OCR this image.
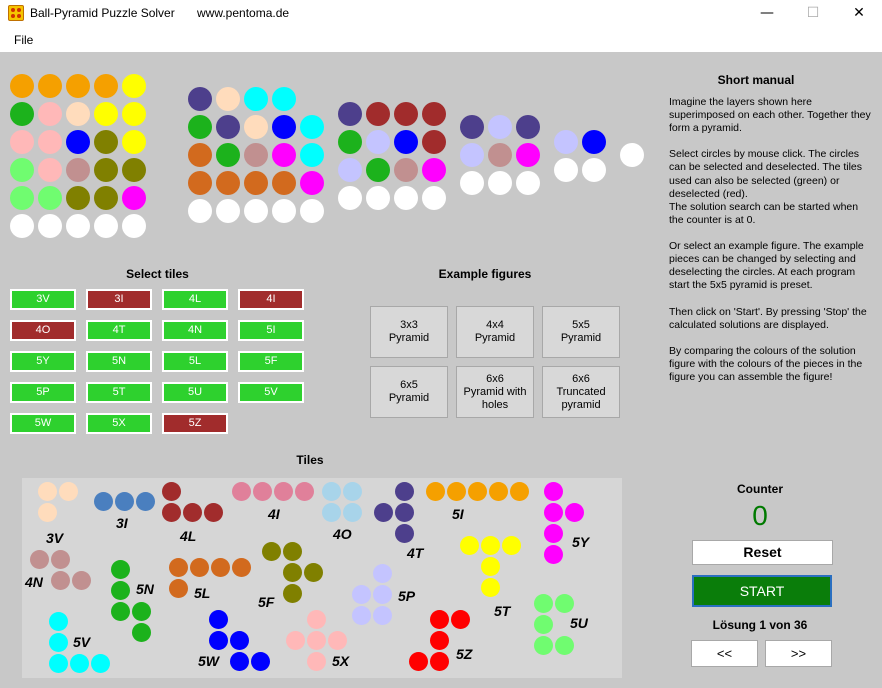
Ball-Pyramid Puzzle Solver www.pentoma.de	—	☐	✕
File
Select tiles
3V	3I	4L	4I
4O	4T	4N	5I
5Y	5N	5L	5F
5P	5T	5U	5V
5W	5X	5Z
Example figures
3x3
Pyramid
4x4
Pyramid
5x5
Pyramid
6x5
Pyramid
6x6
Pyramid with
holes
6x6
Truncated
pyramid
Short manual
Imagine the layers shown here superimposed on each other. Together they form a pyramid.

Select circles by mouse click. The circles can be selected and deselected. The tiles used can also be selected (green) or deselected (red).
The solution search can be started when the counter is at 0.

Or select an example figure. The example pieces can be changed by selecting and deselecting the circles. At each program start the 5x5 pyramid is preset.

Then click on 'Start'. By pressing 'Stop' the calculated solutions are displayed.

By comparing the colours of the solution figure with the colours of the pieces in the figure you can assemble the figure!
Tiles
3V
3I
4L
4I
4O
4T
5I
5Y
4N	5N	5L
5F	5P
5T
5U
5V
5W	5X	5Z
Counter
0
Reset
START
Lösung 1 von 36
<<	>>
